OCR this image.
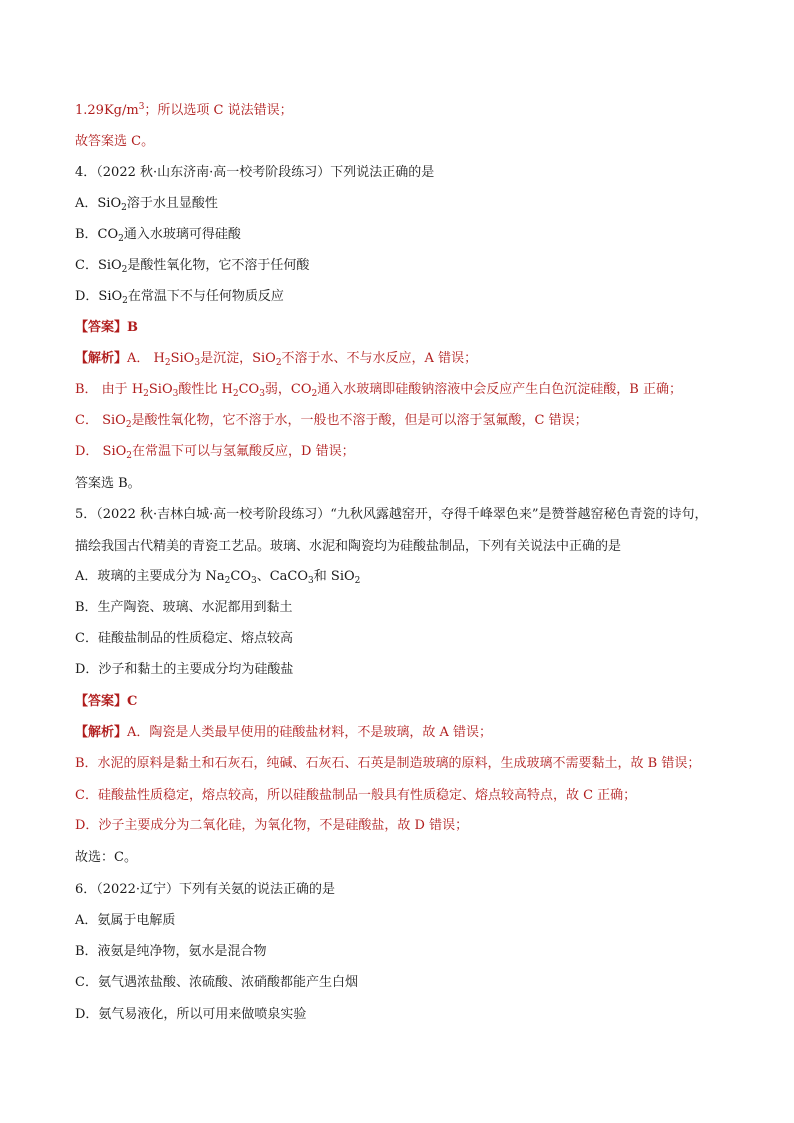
$1.29Kg/m^3$；所以选项 C 说法错误；
故答案选 C。
4．（2022 秋·山东济南·高一校考阶段练习）下列说法正确的是
A．SiO$_2$溶于水且显酸性
B．$CO_2$通入水玻璃可得硅酸
C．SiO$_2$是酸性氧化物，它不溶于任何酸
D．SiO$_2$在常温下不与任何物质反应
【答案】B
【解析】A． $H_2SiO_3$是沉淀，SiO$_2$不溶于水、不与水反应，A 错误；
B． 由于 $H_2SiO_3$酸性比 $H_2CO_3$弱，$CO_2$通入水玻璃即硅酸钠溶液中会反应产生白色沉淀硅酸，B 正确；
C． SiO$_2$是酸性氧化物，它不溶于水，一般也不溶于酸，但是可以溶于氢氟酸，C 错误；
D． SiO$_2$在常温下可以与氢氟酸反应，D 错误；
答案选 B。
5．（2022 秋·吉林白城·高一校考阶段练习）“九秋风露越窑开，夺得千峰翠色来”是赞誉越窑秘色青瓷的诗句，
描绘我国古代精美的青瓷工艺品。玻璃、水泥和陶瓷均为硅酸盐制品，下列有关说法中正确的是
A．玻璃的主要成分为 $Na_2CO_3$、CaCO$_3$和 SiO$_2$
B．生产陶瓷、玻璃、水泥都用到黏土
C．硅酸盐制品的性质稳定、熔点较高
D．沙子和黏土的主要成分均为硅酸盐
【答案】C
【解析】A．陶瓷是人类最早使用的硅酸盐材料，不是玻璃，故 A 错误；
B．水泥的原料是黏土和石灰石，纯碱、石灰石、石英是制造玻璃的原料，生成玻璃不需要黏土，故 B 错误；
C．硅酸盐性质稳定，熔点较高，所以硅酸盐制品一般具有性质稳定、熔点较高特点，故 C 正确；
D．沙子主要成分为二氧化硅，为氧化物，不是硅酸盐，故 D 错误；
故选：C。
6．（2022·辽宁）下列有关氨的说法正确的是
A．氨属于电解质
B．液氨是纯净物，氨水是混合物
C．氨气遇浓盐酸、浓硫酸、浓硝酸都能产生白烟
D．氨气易液化，所以可用来做喷泉实验
